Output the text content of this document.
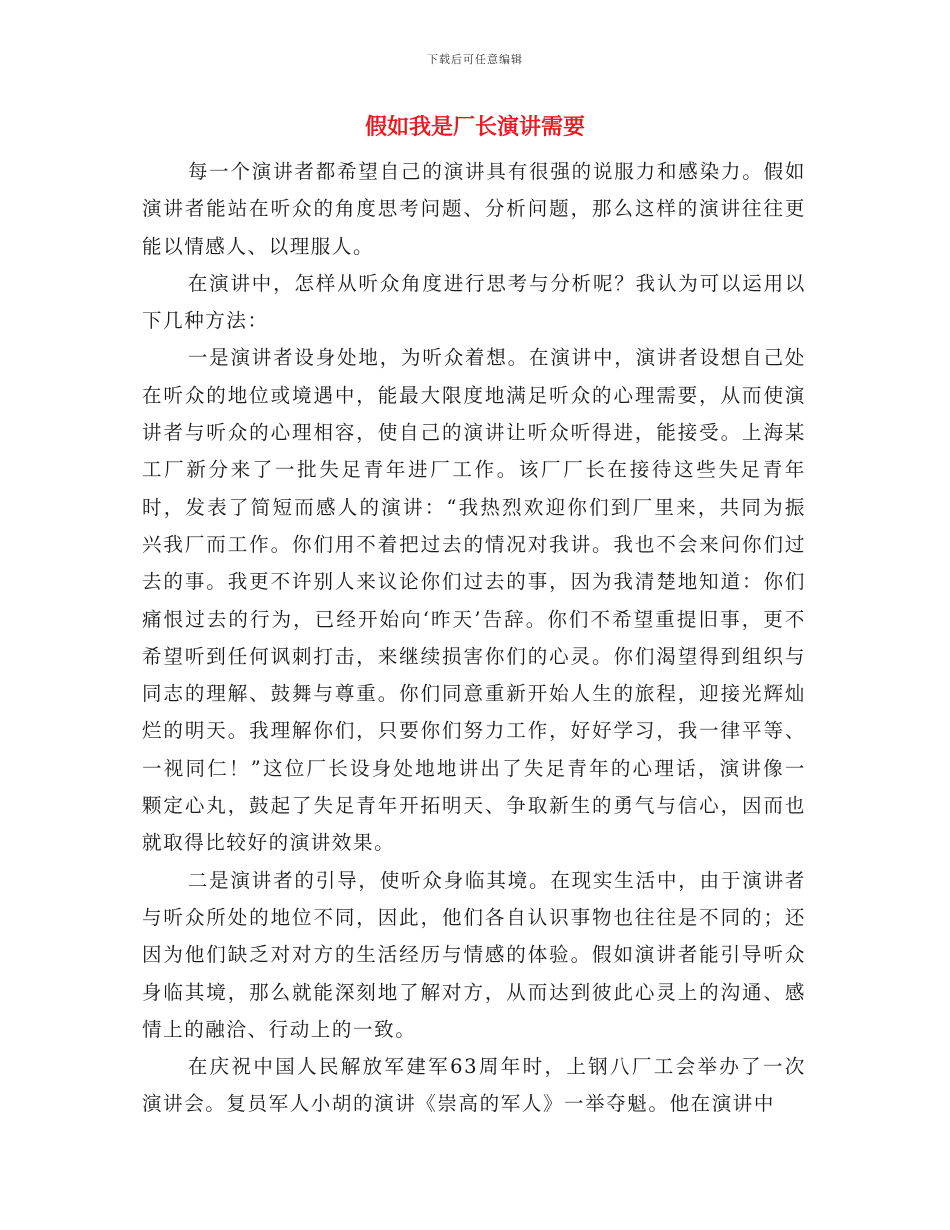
下载后可任意编辑
假如我是厂长演讲需要

每一个演讲者都希望自己的演讲具有很强的说服力和感染力。假如演讲者能站在听众的角度思考问题、分析问题，那么这样的演讲往往更能以情感人、以理服人。

在演讲中，怎样从听众角度进行思考与分析呢？我认为可以运用以下几种方法：

一是演讲者设身处地，为听众着想。在演讲中，演讲者设想自己处在听众的地位或境遇中，能最大限度地满足听众的心理需要，从而使演讲者与听众的心理相容，使自己的演讲让听众听得进，能接受。上海某工厂新分来了一批失足青年进厂工作。该厂厂长在接待这些失足青年时，发表了简短而感人的演讲：“我热烈欢迎你们到厂里来，共同为振兴我厂而工作。你们用不着把过去的情况对我讲。我也不会来问你们过去的事。我更不许别人来议论你们过去的事，因为我清楚地知道：你们痛恨过去的行为，已经开始向‘昨天’告辞。你们不希望重提旧事，更不希望听到任何讽刺打击，来继续损害你们的心灵。你们渴望得到组织与同志的理解、鼓舞与尊重。你们同意重新开始人生的旅程，迎接光辉灿烂的明天。我理解你们，只要你们努力工作，好好学习，我一律平等、一视同仁！”这位厂长设身处地地讲出了失足青年的心理话，演讲像一颗定心丸，鼓起了失足青年开拓明天、争取新生的勇气与信心，因而也就取得比较好的演讲效果。

二是演讲者的引导，使听众身临其境。在现实生活中，由于演讲者与听众所处的地位不同，因此，他们各自认识事物也往往是不同的；还因为他们缺乏对对方的生活经历与情感的体验。假如演讲者能引导听众身临其境，那么就能深刻地了解对方，从而达到彼此心灵上的沟通、感情上的融洽、行动上的一致。

在庆祝中国人民解放军建军63周年时，上钢八厂工会举办了一次演讲会。复员军人小胡的演讲《崇高的军人》一举夺魁。他在演讲中
